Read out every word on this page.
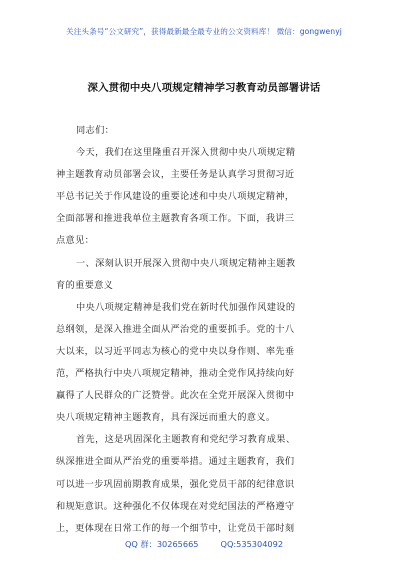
关注头条号“公文研究”，获得最新最全最专业的公文资料库！ 微信：gongwenyj
深入贯彻中央八项规定精神学习教育动员部署讲话
同志们：
今天，我们在这里隆重召开深入贯彻中央八项规定精
神主题教育动员部署会议，主要任务是认真学习贯彻习近
平总书记关于作风建设的重要论述和中央八项规定精神，
全面部署和推进我单位主题教育各项工作。下面，我讲三
点意见：
一、深刻认识开展深入贯彻中央八项规定精神主题教
育的重要意义
中央八项规定精神是我们党在新时代加强作风建设的
总纲领，是深入推进全面从严治党的重要抓手。党的十八
大以来，以习近平同志为核心的党中央以身作则、率先垂
范，严格执行中央八项规定精神，推动全党作风持续向好
赢得了人民群众的广泛赞誉。此次在全党开展深入贯彻中
央八项规定精神主题教育，具有深远而重大的意义。
首先，这是巩固深化主题教育和党纪学习教育成果、
纵深推进全面从严治党的重要举措。通过主题教育，我们
可以进一步巩固前期教育成果，强化党员干部的纪律意识
和规矩意识。这种强化不仅体现在对党纪国法的严格遵守
上，更体现在日常工作的每一个细节中，让党员干部时刻
QQ 群：30265665	QQ:535304092
